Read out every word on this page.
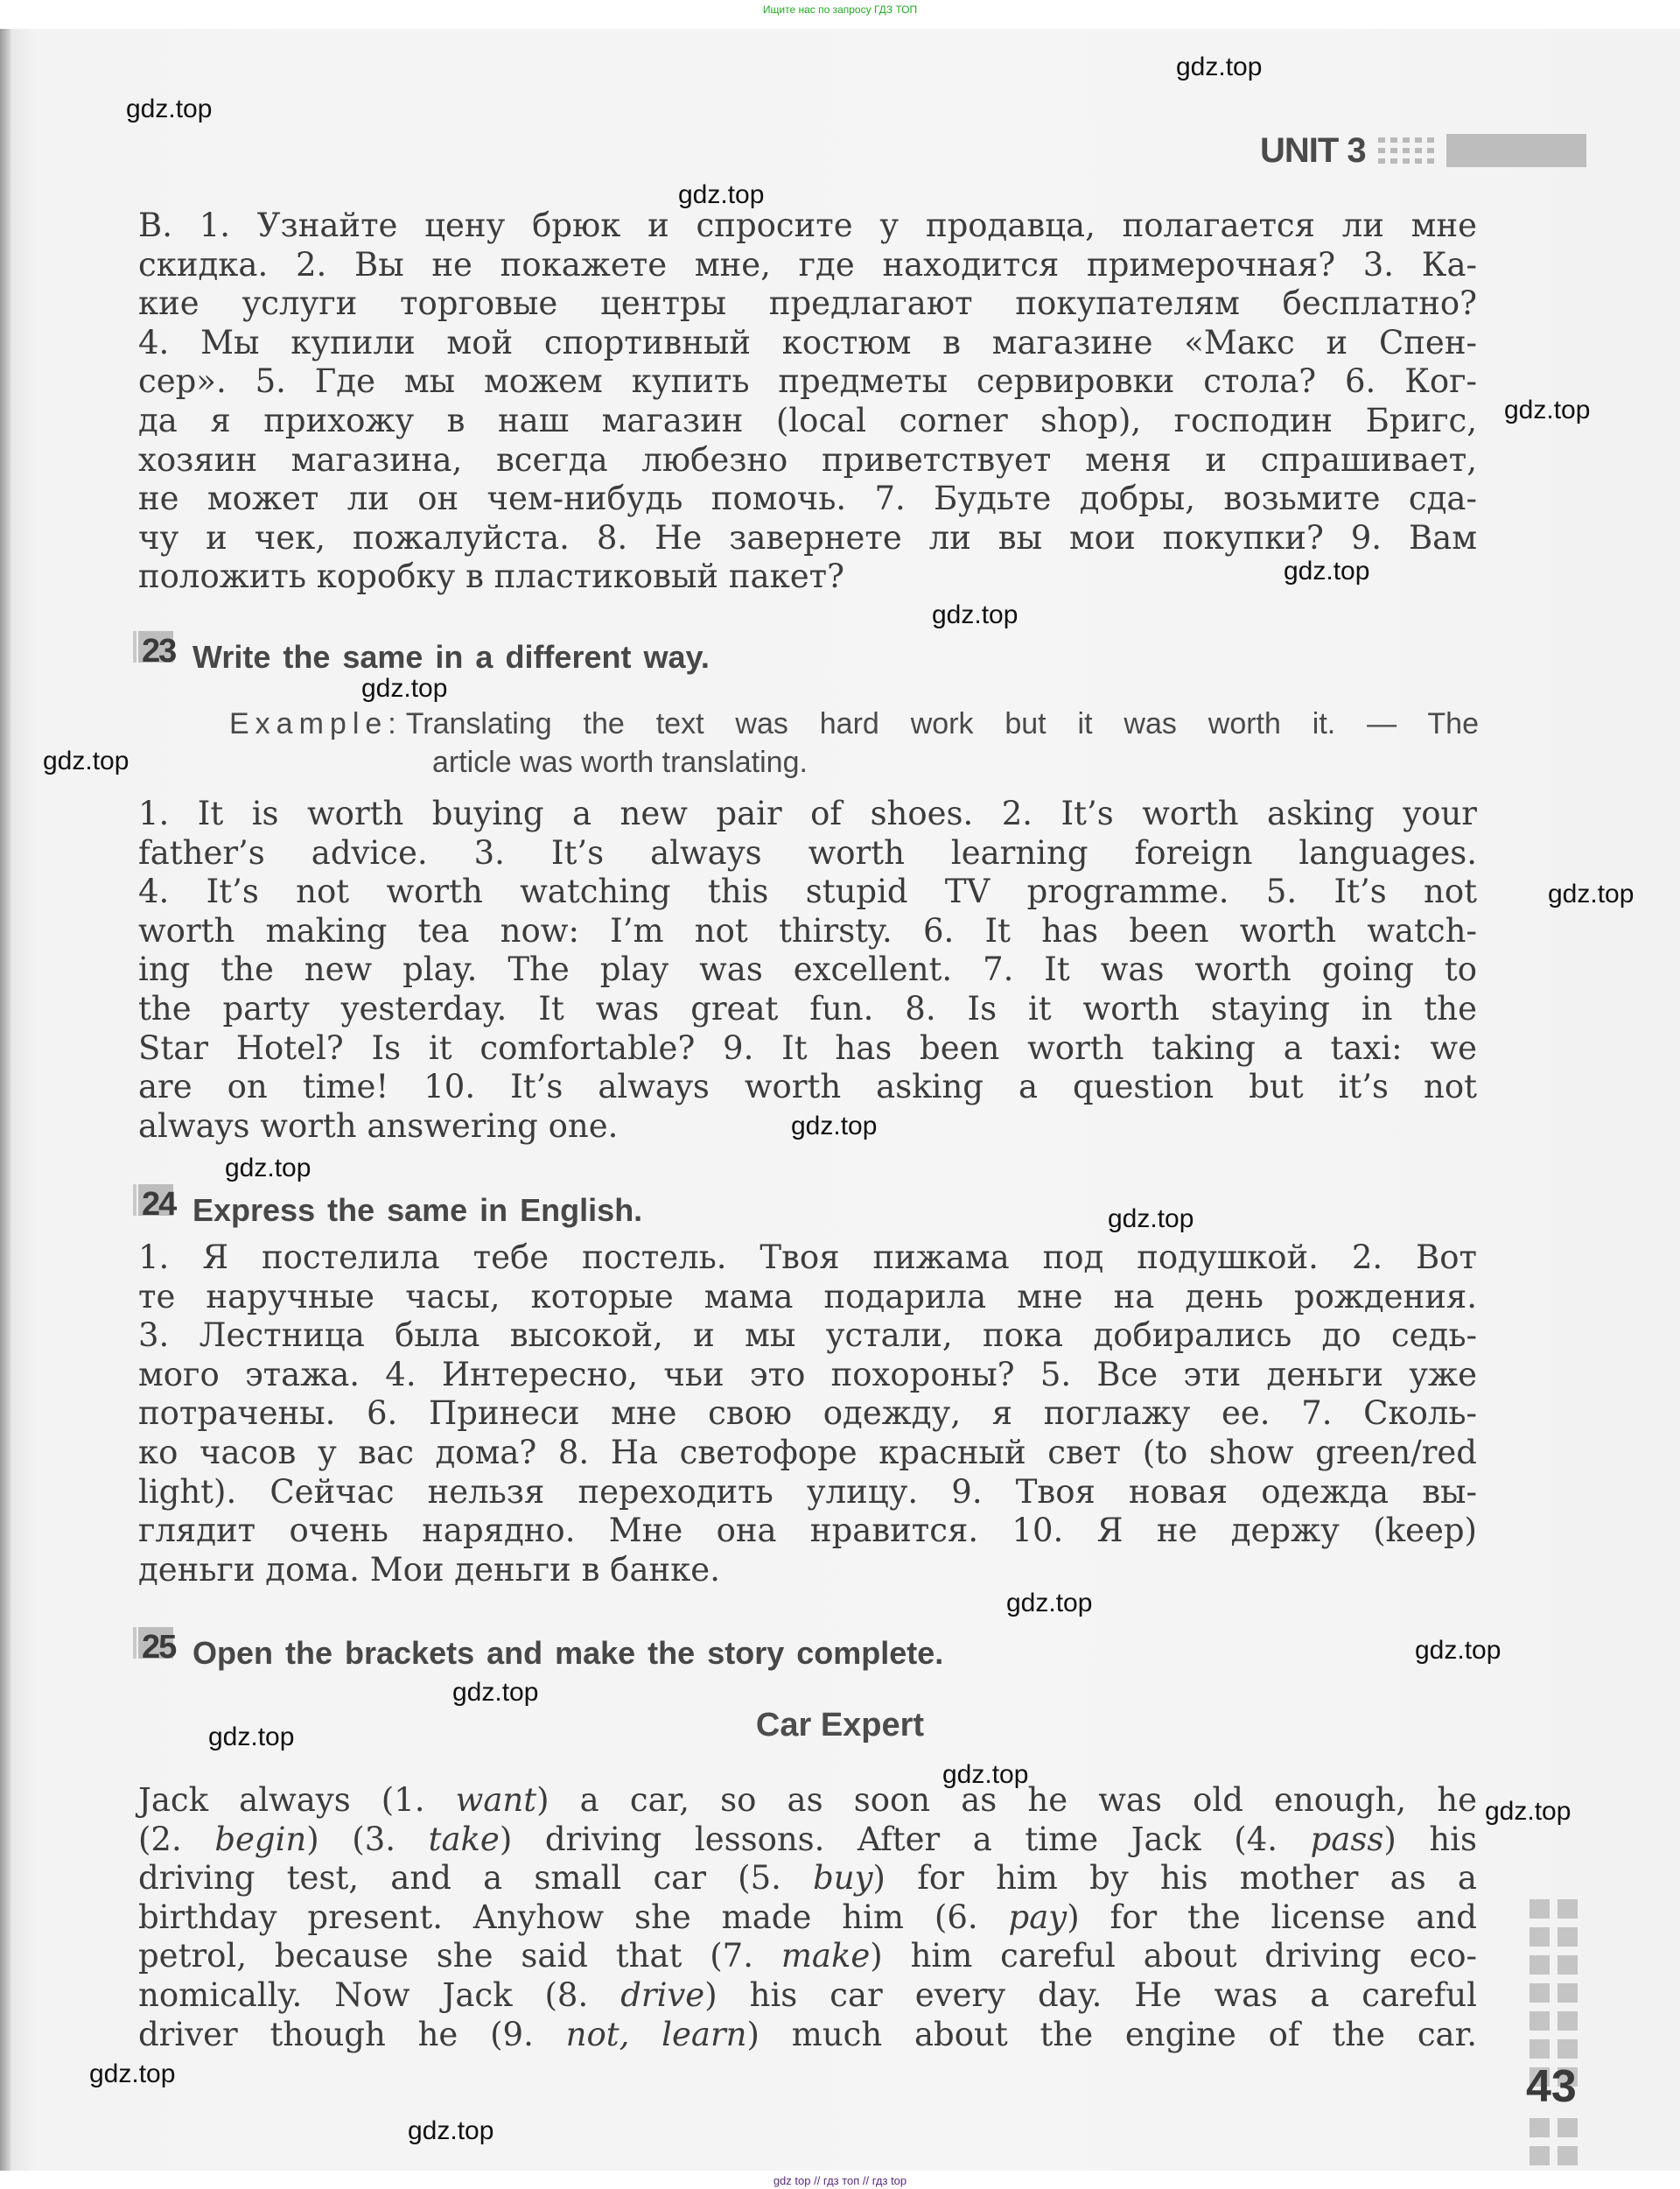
Ищите нас по запросу ГДЗ ТОП
UNIT 3
B. 1. Узнайте цену брюк и спросите у продавца, полагается ли мне
скидка. 2. Вы не покажете мне, где находится примерочная? 3. Ка-
кие услуги торговые центры предлагают покупателям бесплатно?
4. Мы купили мой спортивный костюм в магазине «Макс и Спен-
сер». 5. Где мы можем купить предметы сервировки стола? 6. Ког-
да я прихожу в наш магазин (local corner shop), господин Бригс,
хозяин магазина, всегда любезно приветствует меня и спрашивает,
не может ли он чем-нибудь помочь. 7. Будьте добры, возьмите сда-
чу и чек, пожалуйста. 8. Не завернете ли вы мои покупки? 9. Вам
положить коробку в пластиковый пакет?
23 Write the same in a different way.
Example: Translating the text was hard work but it was worth it. — The
article was worth translating.
1. It is worth buying a new pair of shoes. 2. It’s worth asking your
father’s advice. 3. It’s always worth learning foreign languages.
4. It’s not worth watching this stupid TV programme. 5. It’s not
worth making tea now: I’m not thirsty. 6. It has been worth watch-
ing the new play. The play was excellent. 7. It was worth going to
the party yesterday. It was great fun. 8. Is it worth staying in the
Star Hotel? Is it comfortable? 9. It has been worth taking a taxi: we
are on time! 10. It’s always worth asking a question but it’s not
always worth answering one.
24 Express the same in English.
1. Я постелила тебе постель. Твоя пижама под подушкой. 2. Вот
те наручные часы, которые мама подарила мне на день рождения.
3. Лестница была высокой, и мы устали, пока добирались до седь-
мого этажа. 4. Интересно, чьи это похороны? 5. Все эти деньги уже
потрачены. 6. Принеси мне свою одежду, я поглажу ее. 7. Сколь-
ко часов у вас дома? 8. На светофоре красный свет (to show green/red
light). Сейчас нельзя переходить улицу. 9. Твоя новая одежда вы-
глядит очень нарядно. Мне она нравится. 10. Я не держу (keep)
деньги дома. Мои деньги в банке.
25 Open the brackets and make the story complete.
Car Expert
Jack always (1. want) a car, so as soon as he was old enough, he
(2. begin) (3. take) driving lessons. After a time Jack (4. pass) his
driving test, and a small car (5. buy) for him by his mother as a
birthday present. Anyhow she made him (6. pay) for the license and
petrol, because she said that (7. make) him careful about driving eco-
nomically. Now Jack (8. drive) his car every day. He was a careful
driver though he (9. not, learn) much about the engine of the car.
43
gdz.top
gdz.top
gdz.top
gdz.top
gdz.top
gdz.top
gdz.top
gdz.top
gdz.top
gdz.top
gdz.top
gdz.top
gdz.top
gdz.top
gdz.top
gdz.top
gdz.top
gdz.top
gdz.top
gdz.top
gdz top // гдз топ // гдз top
